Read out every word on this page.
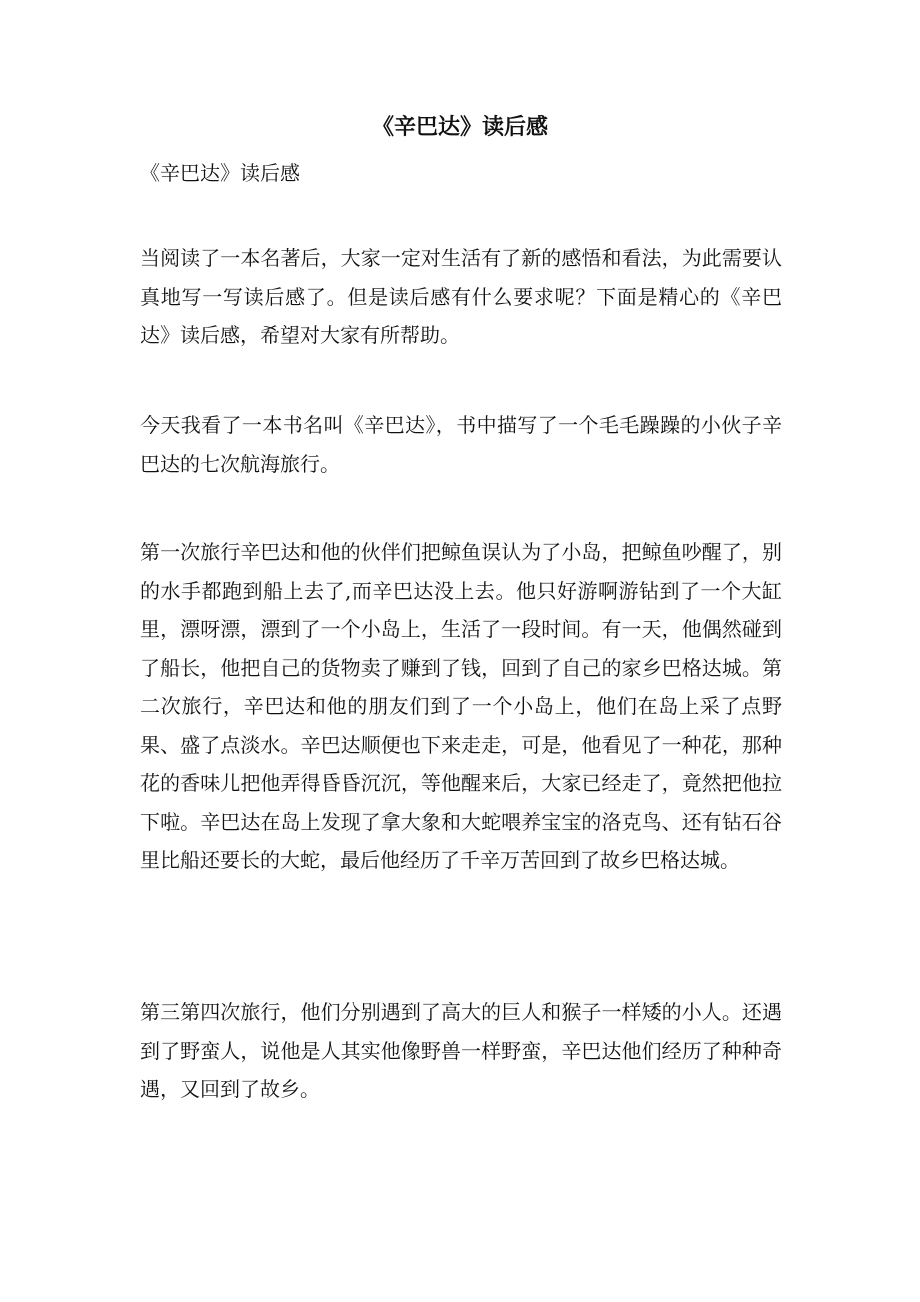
《辛巴达》读后感
《辛巴达》读后感
当阅读了一本名著后，大家一定对生活有了新的感悟和看法，为此需要认真地写一写读后感了。但是读后感有什么要求呢？下面是精心的《辛巴达》读后感，希望对大家有所帮助。
今天我看了一本书名叫《辛巴达》，书中描写了一个毛毛躁躁的小伙子辛巴达的七次航海旅行。
第一次旅行辛巴达和他的伙伴们把鲸鱼误认为了小岛，把鲸鱼吵醒了，别的水手都跑到船上去了,而辛巴达没上去。他只好游啊游钻到了一个大缸里，漂呀漂，漂到了一个小岛上，生活了一段时间。有一天，他偶然碰到了船长，他把自己的货物卖了赚到了钱，回到了自己的家乡巴格达城。第二次旅行，辛巴达和他的朋友们到了一个小岛上，他们在岛上采了点野果、盛了点淡水。辛巴达顺便也下来走走，可是，他看见了一种花，那种花的香味儿把他弄得昏昏沉沉，等他醒来后，大家已经走了，竟然把他拉下啦。辛巴达在岛上发现了拿大象和大蛇喂养宝宝的洛克鸟、还有钻石谷里比船还要长的大蛇，最后他经历了千辛万苦回到了故乡巴格达城。
第三第四次旅行，他们分别遇到了高大的巨人和猴子一样矮的小人。还遇到了野蛮人，说他是人其实他像野兽一样野蛮，辛巴达他们经历了种种奇遇，又回到了故乡。
